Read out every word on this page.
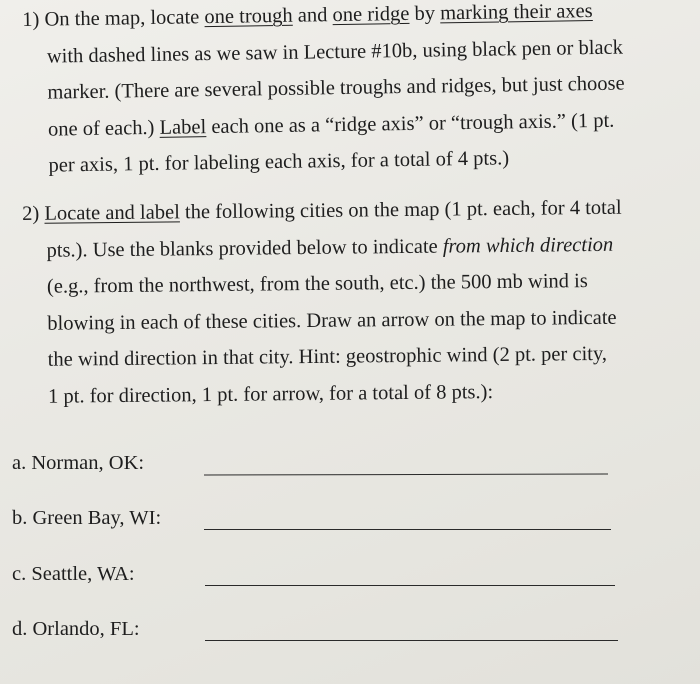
1) On the map, locate one trough and one ridge by marking their axes
with dashed lines as we saw in Lecture #10b, using black pen or black
marker. (There are several possible troughs and ridges, but just choose
one of each.) Label each one as a “ridge axis” or “trough axis.” (1 pt.
per axis, 1 pt. for labeling each axis, for a total of 4 pts.)
2) Locate and label the following cities on the map (1 pt. each, for 4 total
pts.). Use the blanks provided below to indicate from which direction
(e.g., from the northwest, from the south, etc.) the 500 mb wind is
blowing in each of these cities. Draw an arrow on the map to indicate
the wind direction in that city. Hint: geostrophic wind (2 pt. per city,
1 pt. for direction, 1 pt. for arrow, for a total of 8 pts.):
a. Norman, OK:
b. Green Bay, WI:
c. Seattle, WA:
d. Orlando, FL:
